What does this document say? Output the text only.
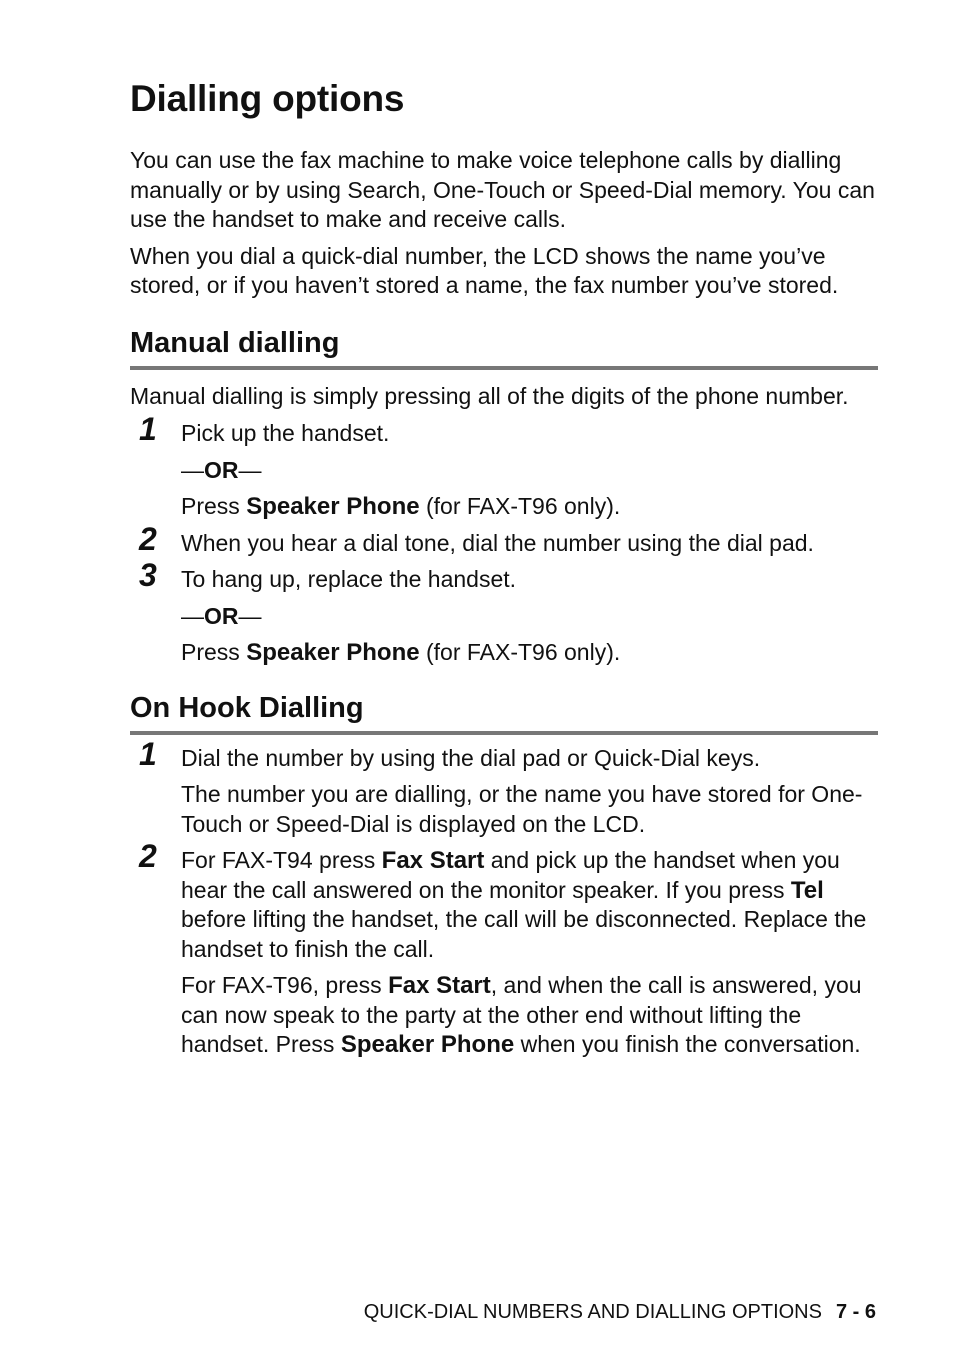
Dialling options

You can use the fax machine to make voice telephone calls by dialling manually or by using Search, One-Touch or Speed-Dial memory. You can use the handset to make and receive calls.

When you dial a quick-dial number, the LCD shows the name you’ve stored, or if you haven’t stored a name, the fax number you’ve stored.

Manual dialling

Manual dialling is simply pressing all of the digits of the phone number.

1 Pick up the handset.

—OR—

Press Speaker Phone (for FAX-T96 only).

2 When you hear a dial tone, dial the number using the dial pad.

3 To hang up, replace the handset.

—OR—

Press Speaker Phone (for FAX-T96 only).

On Hook Dialling
1 Dial the number by using the dial pad or Quick-Dial keys.

The number you are dialling, or the name you have stored for One-Touch or Speed-Dial is displayed on the LCD.

2 For FAX-T94 press Fax Start and pick up the handset when you hear the call answered on the monitor speaker. If you press Tel before lifting the handset, the call will be disconnected. Replace the handset to finish the call.

For FAX-T96, press Fax Start, and when the call is answered, you can now speak to the party at the other end without lifting the handset. Press Speaker Phone when you finish the conversation.

QUICK-DIAL NUMBERS AND DIALLING OPTIONS 7 - 6
